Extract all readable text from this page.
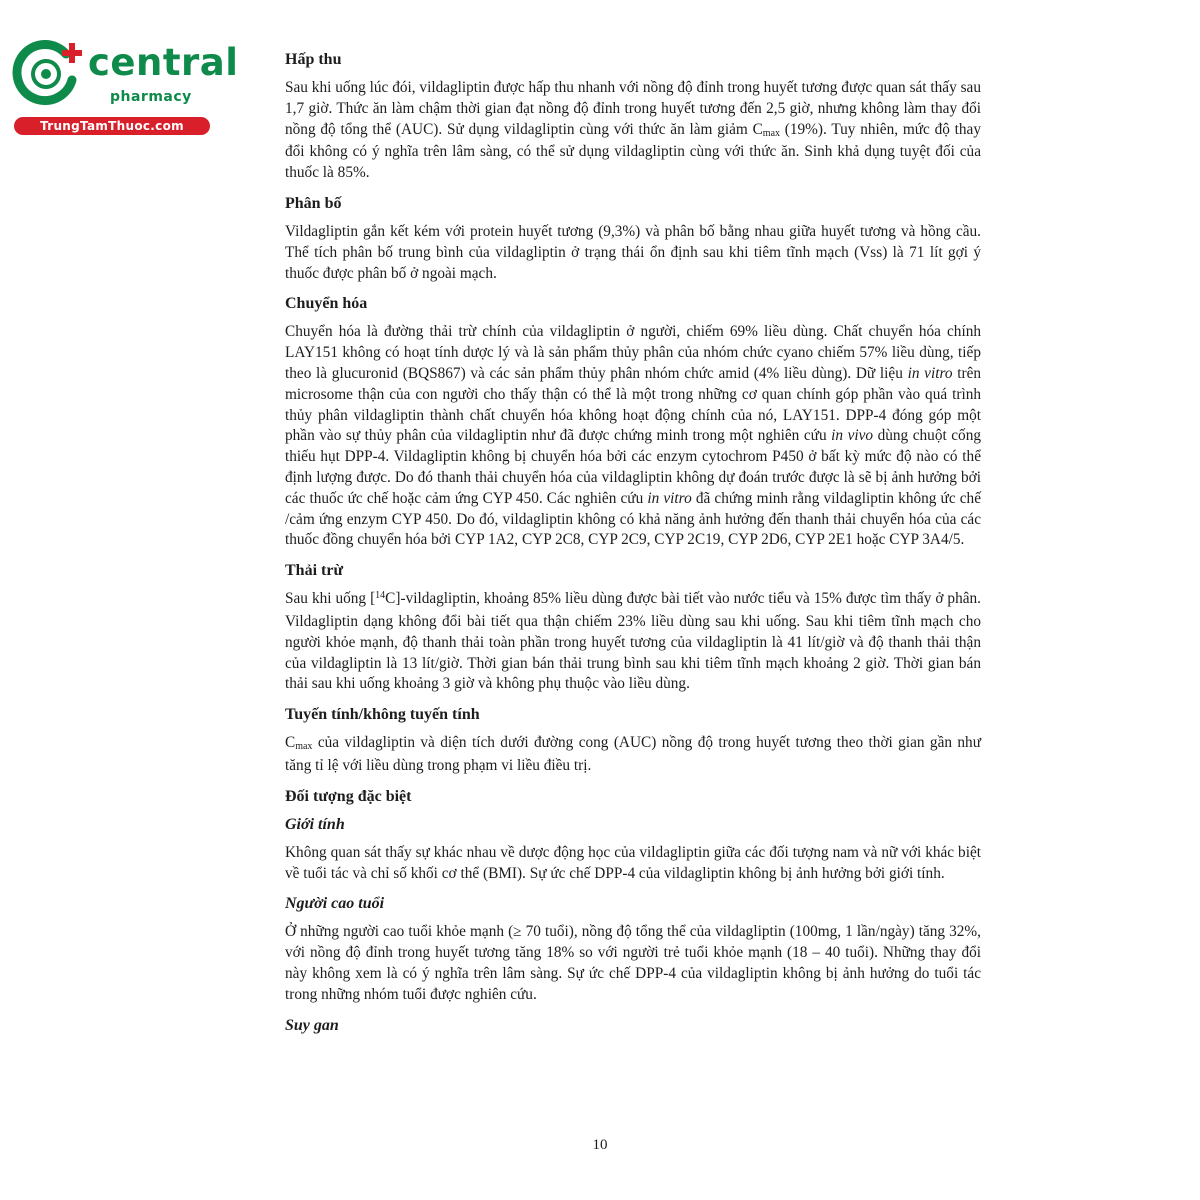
central
pharmacy
TrungTamThuoc.com
Hấp thu

Sau khi uống lúc đói, vildagliptin được hấp thu nhanh với nồng độ đỉnh trong huyết tương được quan sát thấy sau 1,7 giờ. Thức ăn làm chậm thời gian đạt nồng độ đỉnh trong huyết tương đến 2,5 giờ, nhưng không làm thay đổi nồng độ tổng thể (AUC). Sử dụng vildagliptin cùng với thức ăn làm giảm $C_{max}$ (19%). Tuy nhiên, mức độ thay đổi không có ý nghĩa trên lâm sàng, có thể sử dụng vildagliptin cùng với thức ăn. Sinh khả dụng tuyệt đối của thuốc là 85%.

Phân bố

Vildagliptin gắn kết kém với protein huyết tương (9,3%) và phân bố bằng nhau giữa huyết tương và hồng cầu. Thể tích phân bố trung bình của vildagliptin ở trạng thái ổn định sau khi tiêm tĩnh mạch (Vss) là 71 lít gợi ý thuốc được phân bố ở ngoài mạch.

Chuyển hóa

Chuyển hóa là đường thải trừ chính của vildagliptin ở người, chiếm 69% liều dùng. Chất chuyển hóa chính LAY151 không có hoạt tính dược lý và là sản phẩm thủy phân của nhóm chức cyano chiếm 57% liều dùng, tiếp theo là glucuronid (BQS867) và các sản phẩm thủy phân nhóm chức amid (4% liều dùng). Dữ liệu in vitro trên microsome thận của con người cho thấy thận có thể là một trong những cơ quan chính góp phần vào quá trình thủy phân vildagliptin thành chất chuyển hóa không hoạt động chính của nó, LAY151. DPP-4 đóng góp một phần vào sự thủy phân của vildagliptin như đã được chứng minh trong một nghiên cứu in vivo dùng chuột cống thiếu hụt DPP-4. Vildagliptin không bị chuyển hóa bởi các enzym cytochrom P450 ở bất kỳ mức độ nào có thể định lượng được. Do đó thanh thải chuyển hóa của vildagliptin không dự đoán trước được là sẽ bị ảnh hưởng bởi các thuốc ức chế hoặc cảm ứng CYP 450. Các nghiên cứu in vitro đã chứng minh rằng vildagliptin không ức chế /cảm ứng enzym CYP 450. Do đó, vildagliptin không có khả năng ảnh hưởng đến thanh thải chuyển hóa của các thuốc đồng chuyển hóa bởi CYP 1A2, CYP 2C8, CYP 2C9, CYP 2C19, CYP 2D6, CYP 2E1 hoặc CYP 3A4/5.

Thải trừ

Sau khi uống [$^{14}$C]-vildagliptin, khoảng 85% liều dùng được bài tiết vào nước tiểu và 15% được tìm thấy ở phân. Vildagliptin dạng không đổi bài tiết qua thận chiếm 23% liều dùng sau khi uống. Sau khi tiêm tĩnh mạch cho người khỏe mạnh, độ thanh thải toàn phần trong huyết tương của vildagliptin là 41 lít/giờ và độ thanh thải thận của vildagliptin là 13 lít/giờ. Thời gian bán thải trung bình sau khi tiêm tĩnh mạch khoảng 2 giờ. Thời gian bán thải sau khi uống khoảng 3 giờ và không phụ thuộc vào liều dùng.

Tuyến tính/không tuyến tính

$C_{max}$ của vildagliptin và diện tích dưới đường cong (AUC) nồng độ trong huyết tương theo thời gian gần như tăng tỉ lệ với liều dùng trong phạm vi liều điều trị.

Đối tượng đặc biệt
Giới tính

Không quan sát thấy sự khác nhau về dược động học của vildagliptin giữa các đối tượng nam và nữ với khác biệt về tuổi tác và chỉ số khối cơ thể (BMI). Sự ức chế DPP-4 của vildagliptin không bị ảnh hưởng bởi giới tính.

Người cao tuổi

Ở những người cao tuổi khỏe mạnh (≥ 70 tuổi), nồng độ tổng thể của vildagliptin (100mg, 1 lần/ngày) tăng 32%, với nồng độ đỉnh trong huyết tương tăng 18% so với người trẻ tuổi khỏe mạnh (18 – 40 tuổi). Những thay đổi này không xem là có ý nghĩa trên lâm sàng. Sự ức chế DPP-4 của vildagliptin không bị ảnh hưởng do tuổi tác trong những nhóm tuổi được nghiên cứu.

Suy gan
10
